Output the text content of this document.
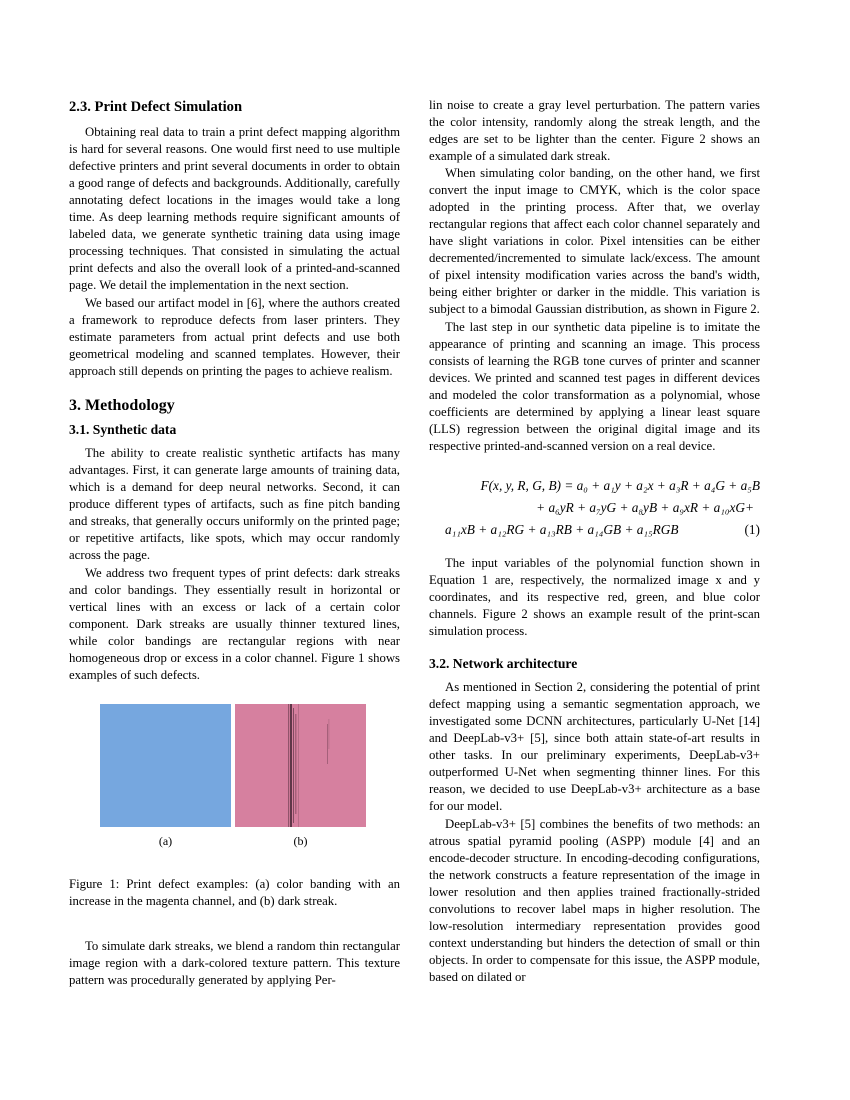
2.3. Print Defect Simulation

Obtaining real data to train a print defect mapping algorithm is hard for several reasons. One would first need to use multiple defective printers and print several documents in order to obtain a good range of defects and backgrounds. Additionally, carefully annotating defect locations in the images would take a long time. As deep learning methods require significant amounts of labeled data, we generate synthetic training data using image processing techniques. That consisted in simulating the actual print defects and also the overall look of a printed-and-scanned page. We detail the implementation in the next section.

We based our artifact model in [6], where the authors created a framework to reproduce defects from laser printers. They estimate parameters from actual print defects and use both geometrical modeling and scanned templates. However, their approach still depends on printing the pages to achieve realism.

3. Methodology
3.1. Synthetic data

The ability to create realistic synthetic artifacts has many advantages. First, it can generate large amounts of training data, which is a demand for deep neural networks. Second, it can produce different types of artifacts, such as fine pitch banding and streaks, that generally occurs uniformly on the printed page; or repetitive artifacts, like spots, which may occur randomly across the page.

We address two frequent types of print defects: dark streaks and color bandings. They essentially result in horizontal or vertical lines with an excess or lack of a certain color component. Dark streaks are usually thinner textured lines, while color bandings are rectangular regions with near homogeneous drop or excess in a color channel. Figure 1 shows examples of such defects.

(a)	(b)

Figure 1: Print defect examples: (a) color banding with an increase in the magenta channel, and (b) dark streak.

To simulate dark streaks, we blend a random thin rectangular image region with a dark-colored texture pattern. This texture pattern was procedurally generated by applying Per-

lin noise to create a gray level perturbation. The pattern varies the color intensity, randomly along the streak length, and the edges are set to be lighter than the center. Figure 2 shows an example of a simulated dark streak.

When simulating color banding, on the other hand, we first convert the input image to CMYK, which is the color space adopted in the printing process. After that, we overlay rectangular regions that affect each color channel separately and have slight variations in color. Pixel intensities can be either decremented/incremented to simulate lack/excess. The amount of pixel intensity modification varies across the band's width, being either brighter or darker in the middle. This variation is subject to a bimodal Gaussian distribution, as shown in Figure 2.

The last step in our synthetic data pipeline is to imitate the appearance of printing and scanning an image. This process consists of learning the RGB tone curves of printer and scanner devices. We printed and scanned test pages in different devices and modeled the color transformation as a polynomial, whose coefficients are determined by applying a linear least square (LLS) regression between the original digital image and its respective printed-and-scanned version on a real device.

F(x, y, R, G, B) = a₀ + a₁y + a₂x + a₃R + a₄G + a₅B
+ a₆yR + a₇yG + a₈yB + a₉xR + a₁₀xG+
a₁₁xB + a₁₂RG + a₁₃RB + a₁₄GB + a₁₅RGB	(1)

The input variables of the polynomial function shown in Equation 1 are, respectively, the normalized image x and y coordinates, and its respective red, green, and blue color channels. Figure 2 shows an example result of the print-scan simulation process.

3.2. Network architecture

As mentioned in Section 2, considering the potential of print defect mapping using a semantic segmentation approach, we investigated some DCNN architectures, particularly U-Net [14] and DeepLab-v3+ [5], since both attain state-of-art results in other tasks. In our preliminary experiments, DeepLab-v3+ outperformed U-Net when segmenting thinner lines. For this reason, we decided to use DeepLab-v3+ architecture as a base for our model.

DeepLab-v3+ [5] combines the benefits of two methods: an atrous spatial pyramid pooling (ASPP) module [4] and an encode-decoder structure. In encoding-decoding configurations, the network constructs a feature representation of the image in lower resolution and then applies trained fractionally-strided convolutions to recover label maps in higher resolution. The low-resolution intermediary representation provides good context understanding but hinders the detection of small or thin objects. In order to compensate for this issue, the ASPP module, based on dilated or
